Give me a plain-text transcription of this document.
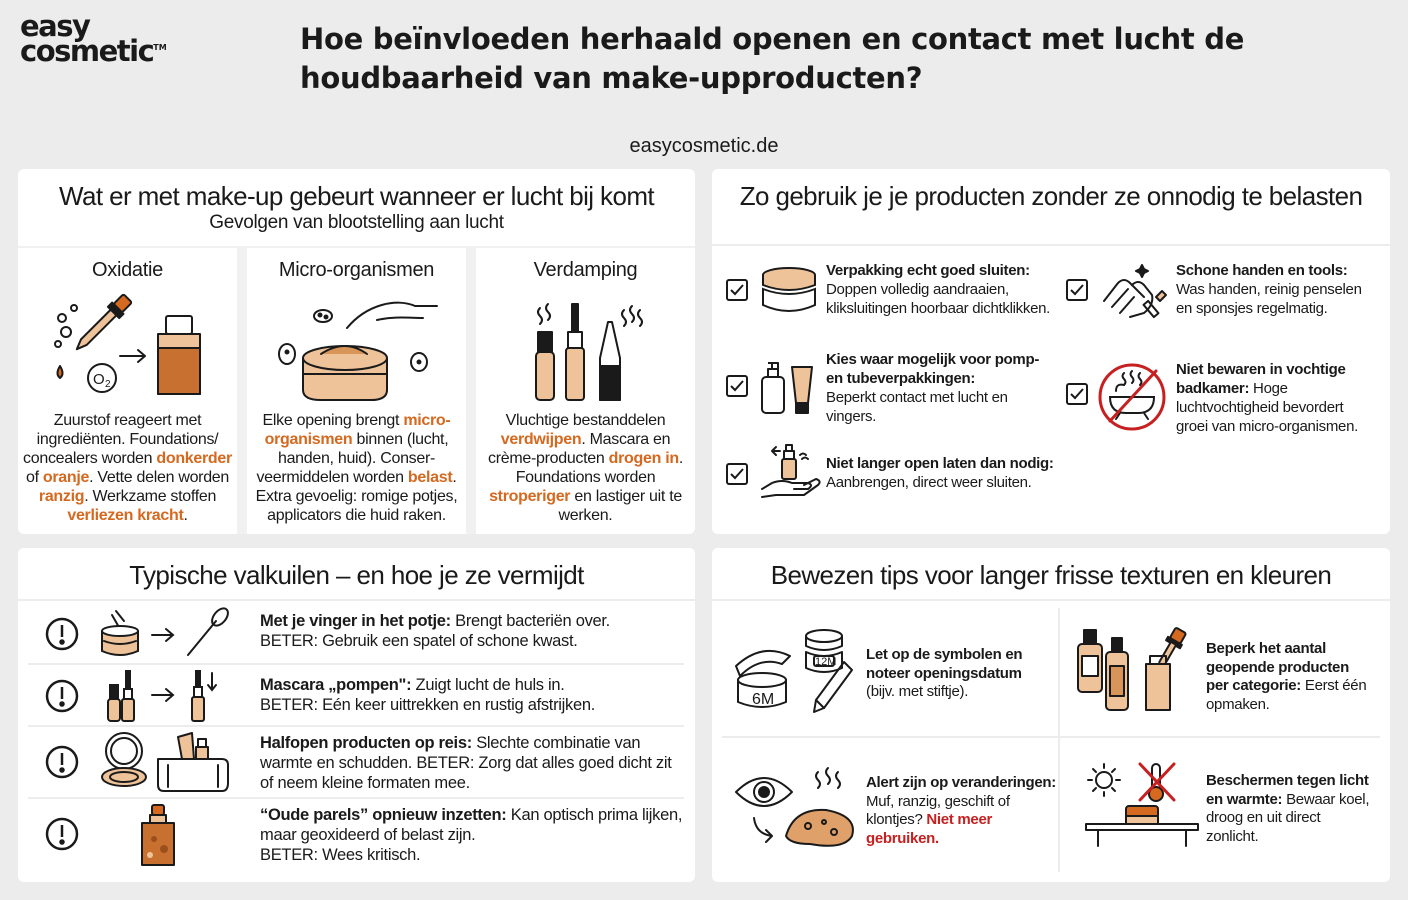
easy
cosmetic™	Hoe beïnvloeden herhaald openen en contact met lucht de houdbaarheid van make-upproducten?
easycosmetic.de
Wat er met make-up gebeurt wanneer er lucht bij komt
Gevolgen van blootstelling aan lucht
Oxidatie
O 2
Zuurstof reageert met ingrediënten. Foundations/ concealers worden donkerder of oranje. Vette delen worden ranzig. Werkzame stoffen verliezen kracht.
Micro-organismen
Elke opening brengt micro-organismen binnen (lucht, handen, huid). Conser-veermiddelen worden belast. Extra gevoelig: romige potjes, applicators die huid raken.
Verdamping
Vluchtige bestanddelen verdwijpen. Mascara en crème-producten drogen in. Foundations worden stroperiger en lastiger uit te werken.
Zo gebruik je je producten zonder ze onnodig te belasten
Verpakking echt goed sluiten:
Doppen volledig aandraaien,
kliksluitingen hoorbaar dichtklikken.
Schone handen en tools:
Was handen, reinig penselen
en sponsjes regelmatig.
Kies waar mogelijk voor pomp-
en tubeverpakkingen:
Beperkt contact met lucht en
vingers.
Niet bewaren in vochtige
badkamer: Hoge
luchtvochtigheid bevordert
groei van micro-organismen.
Niet langer open laten dan nodig:
Aanbrengen, direct weer sluiten.
Typische valkuilen – en hoe je ze vermijdt
Met je vinger in het potje: Brengt bacteriën over.
BETER: Gebruik een spatel of schone kwast.
Mascara „pompen": Zuigt lucht de huls in.
BETER: Eén keer uittrekken en rustig afstrijken.
Halfopen producten op reis: Slechte combinatie van warmte en schudden. BETER: Zorg dat alles goed dicht zit of neem kleine formaten mee.
“Oude parels” opnieuw inzetten: Kan optisch prima lijken, maar geoxideerd of belast zijn.
BETER: Wees kritisch.
Bewezen tips voor langer frisse texturen en kleuren
12M
6M
Let op de symbolen en
noteer openingsdatum
(bijv. met stiftje).
Beperk het aantal
geopende producten
per categorie: Eerst één
opmaken.
Alert zijn op veranderingen:
Muf, ranzig, geschift of
klontjes? Niet meer
gebruiken.
Beschermen tegen licht
en warmte: Bewaar koel,
droog en uit direct
zonlicht.
